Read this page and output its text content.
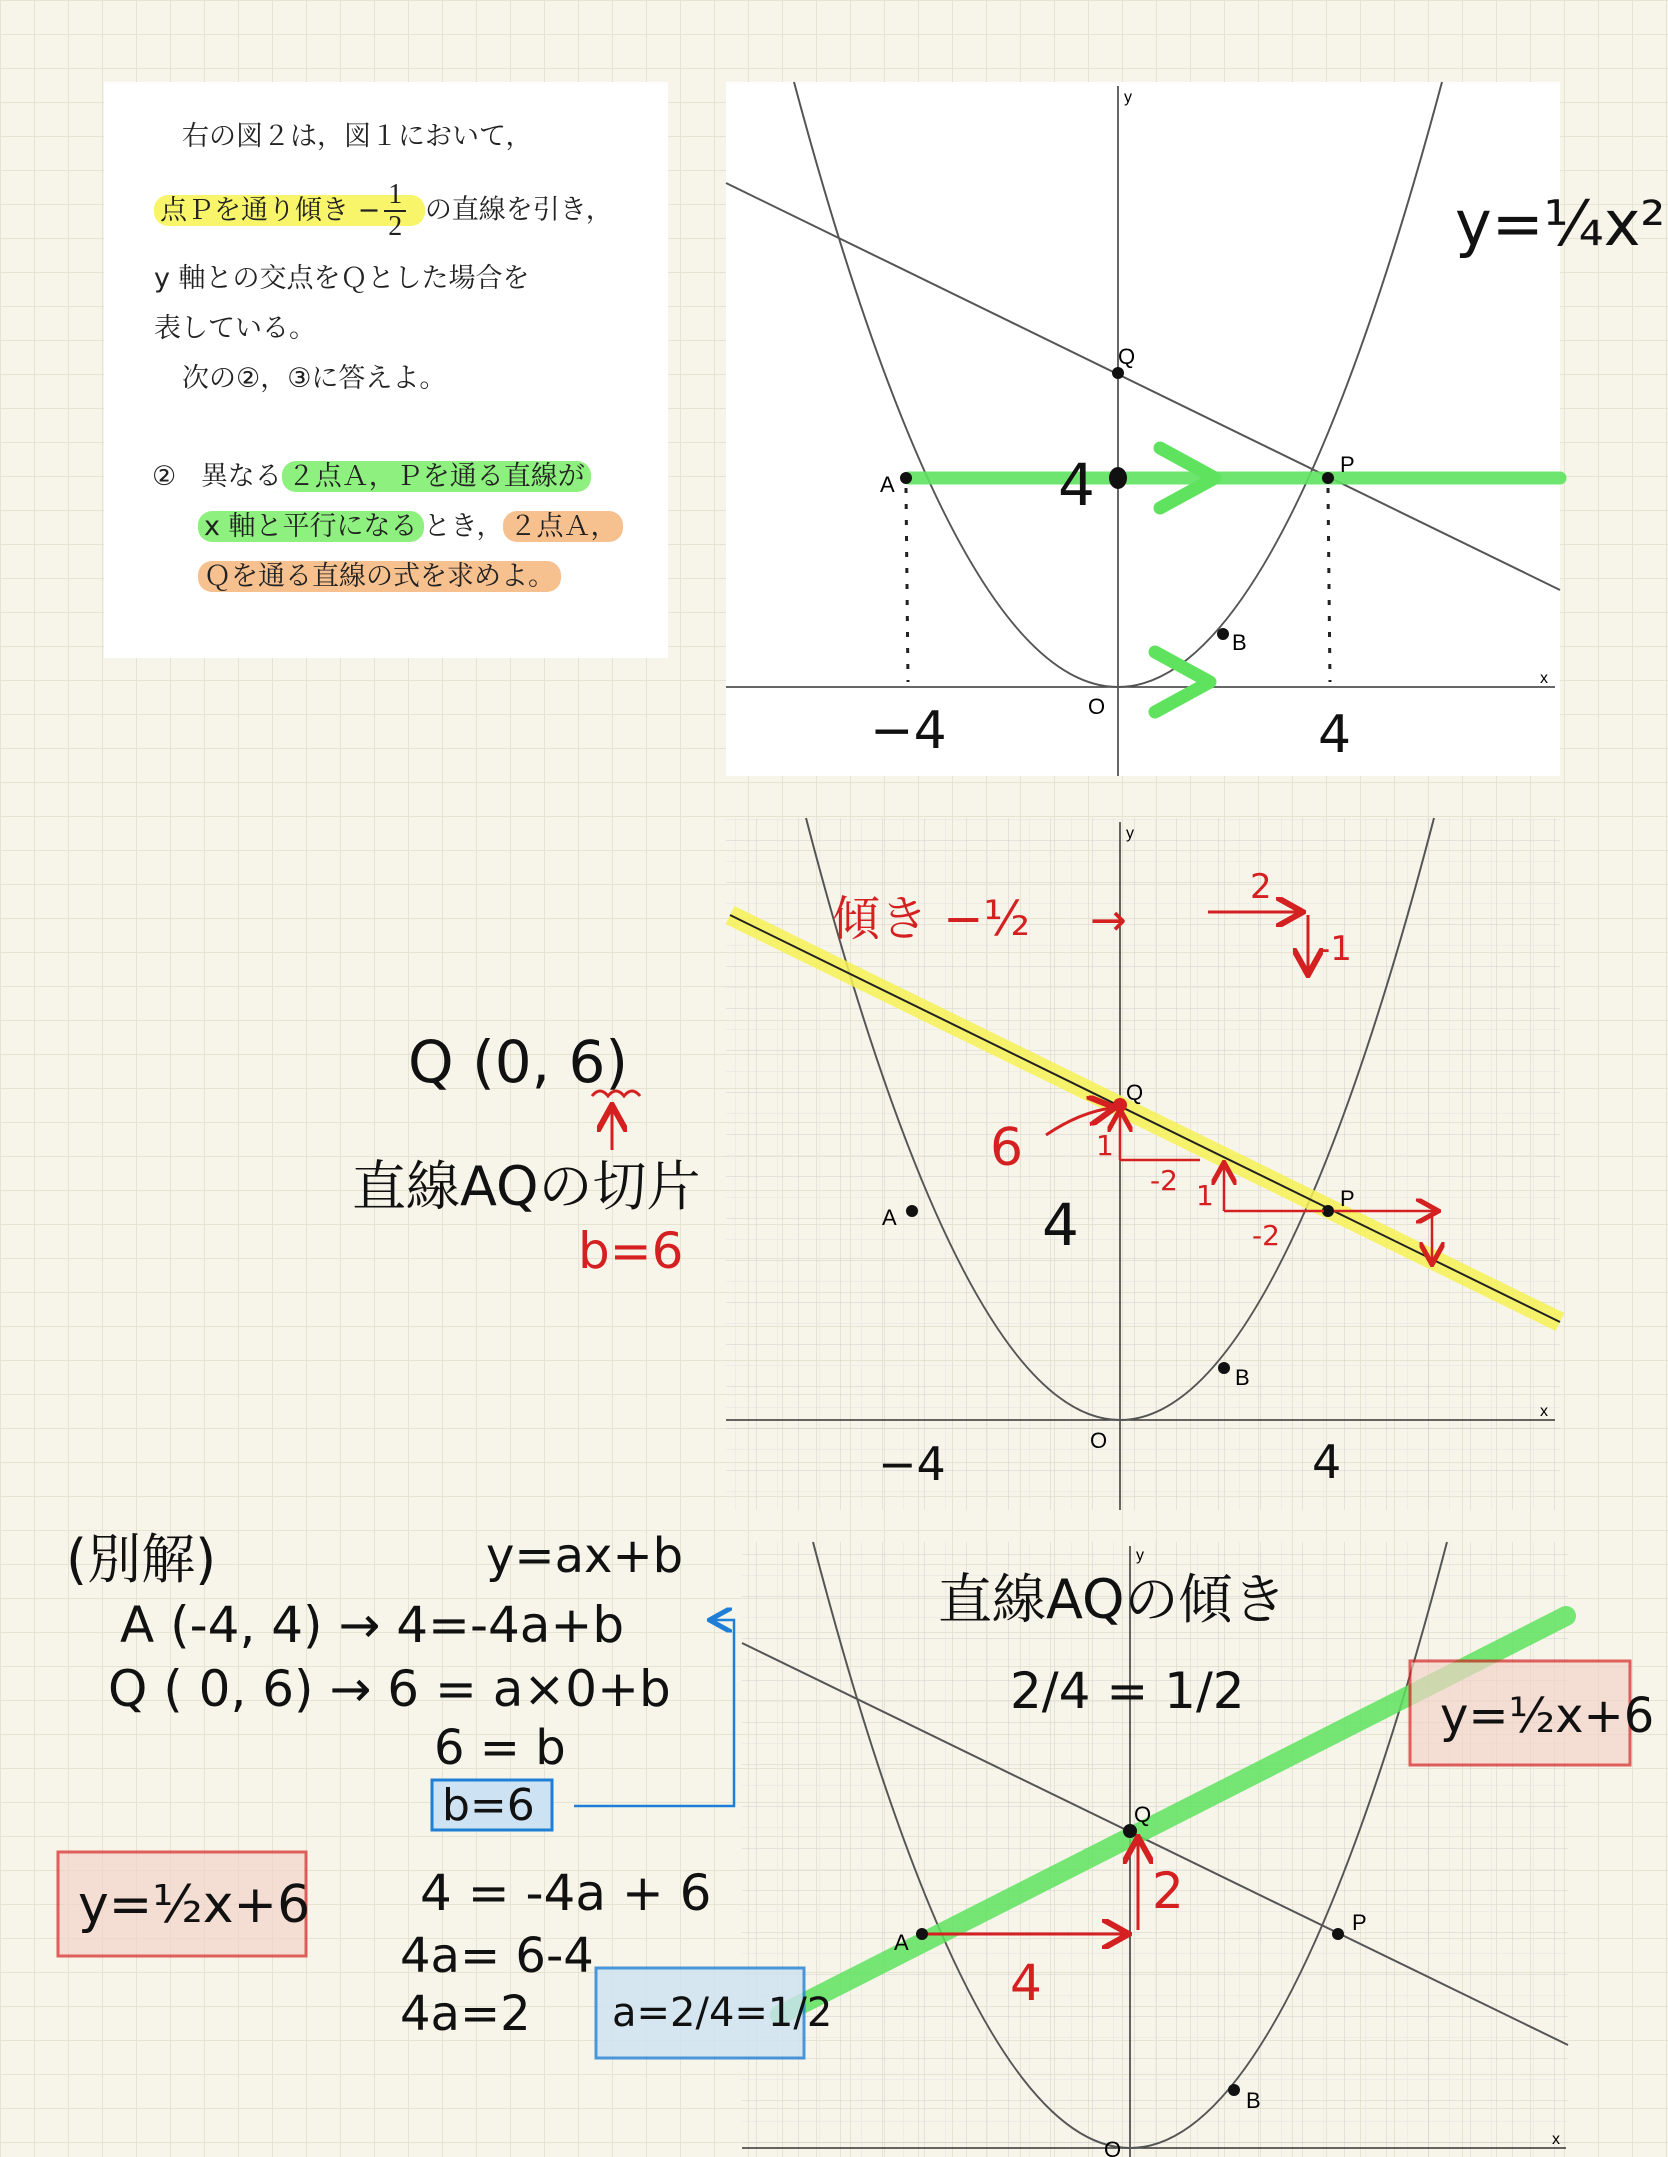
右の図２は，図１において，
点Ｐを通り傾き − $\frac{1}{2}$ の直線を引き，
y 軸との交点をＱとした場合を
表している。
次の②，③に答えよ。
② 異なる ２点Ａ，Ｐを通る直線が
x 軸と平行になる とき， ２点Ａ，
Ｑを通る直線の式を求めよ。
y
x
O
A
P
Q
B
y=¼x²
4
−4	4
y
x
O
A
P
Q
B
傾き −½ →
2
-1
6	1
-2 1
-2
4
−4	4
Q (0, 6)
直線AQの切片
b=6
y
x
O
A
P
Q
B
直線AQの傾き
2/4 = 1/2
4
2
y=½x+6
(別解)	y=ax+b
A (-4, 4) → 4=-4a+b
Q ( 0, 6) → 6 = a×0+b
6 = b
b=6
y=½x+6 4 = -4a + 6
4a= 6-4
4a=2 a=2/4=1/2
